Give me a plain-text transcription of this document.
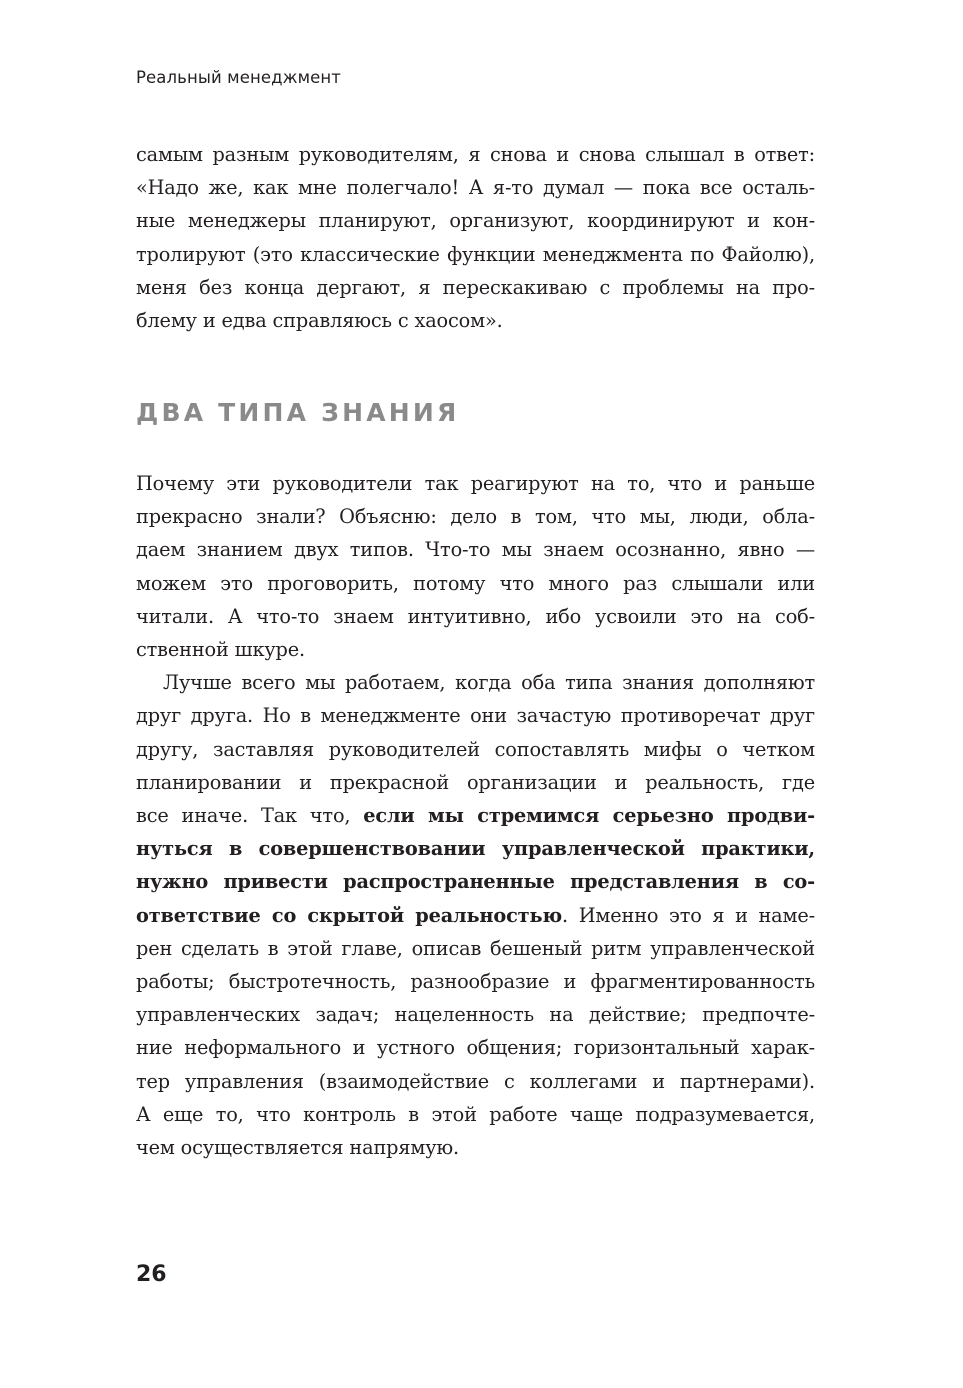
Реальный менеджмент
самым разным руководителям, я снова и снова слышал в ответ:
«Надо же, как мне полегчало! А я-то думал — пока все осталь-
ные менеджеры планируют, организуют, координируют и кон-
тролируют (это классические функции менеджмента по Файолю),
меня без конца дергают, я перескакиваю с проблемы на про-
блему и едва справляюсь с хаосом».
ДВА ТИПА ЗНАНИЯ
Почему эти руководители так реагируют на то, что и раньше
прекрасно знали? Объясню: дело в том, что мы, люди, обла-
даем знанием двух типов. Что-то мы знаем осознанно, явно —
можем это проговорить, потому что много раз слышали или
читали. А что-то знаем интуитивно, ибо усвоили это на соб-
ственной шкуре.
Лучше всего мы работаем, когда оба типа знания дополняют
друг друга. Но в менеджменте они зачастую противоречат друг
другу, заставляя руководителей сопоставлять мифы о четком
планировании и прекрасной организации и реальность, где
все иначе. Так что, если мы стремимся серьезно продви-
нуться в совершенствовании управленческой практики,
нужно привести распространенные представления в со-
ответствие со скрытой реальностью. Именно это я и наме-
рен сделать в этой главе, описав бешеный ритм управленческой
работы; быстротечность, разнообразие и фрагментированность
управленческих задач; нацеленность на действие; предпочте-
ние неформального и устного общения; горизонтальный харак-
тер управления (взаимодействие с коллегами и партнерами).
А еще то, что контроль в этой работе чаще подразумевается,
чем осуществляется напрямую.
26
